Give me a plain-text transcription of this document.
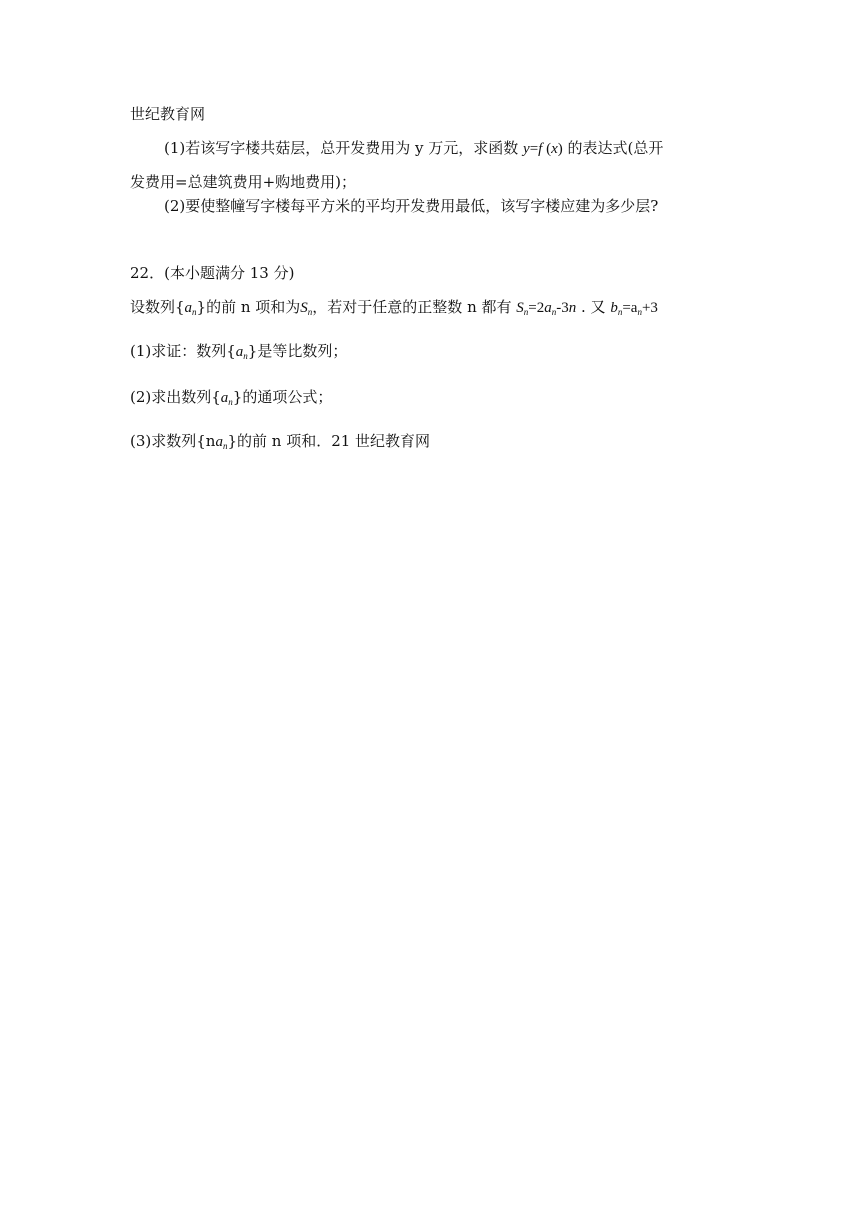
世纪教育网
(1)若该写字楼共菇层，总开发费用为 y 万元，求函数 y=f (x) 的表达式(总开
发费用=总建筑费用+购地费用)；
(2)要使整幢写字楼每平方米的平均开发费用最低，该写字楼应建为多少层?
22．(本小题满分 13 分)
设数列$\{a_n\}$的前 n 项和为$S_n$，若对于任意的正整数 n 都有 $S_n=2a_n-3n$ . 又 $b_n=a_n+3$
(1)求证：数列$\{a_n\}$是等比数列；
(2)求出数列$\{a_n\}$的通项公式；
(3)求数列$\{na_n\}$的前 n 项和．21 世纪教育网
